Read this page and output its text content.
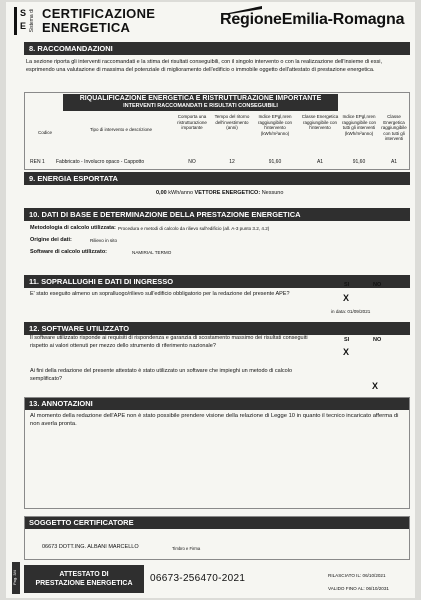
S
E Sistema di CERTIFICAZIONE
ENERGETICA	RegioneEmilia-Romagna
8. RACCOMANDAZIONI
La sezione riporta gli interventi raccomandati e la stima dei risultati conseguibili, con il singolo intervento o con la realizzazione dell'insieme di essi, esprimendo una valutazione di massima del potenziale di miglioramento dell'edificio o immobile oggetto dell'attestato di prestazione energetica.
RIQUALIFICAZIONE ENERGETICA E RISTRUTTURAZIONE IMPORTANTE
INTERVENTI RACCOMANDATI E RISULTATI CONSEGUIBILI
Codice
Tipo di intervento e descrizione
Comporta una ristrutturazione importante
Tempo del ritorno dell'investimento (anni)
Indice EPgl,nren raggiungibile con l'intervento (kWh/m²anno)
Classe Energetica raggiungibile con l'intervento
Indice EPgl,nren raggiungibile con tutti gli interventi (kWh/m²anno)
Classe Energetica raggiungibile con tutti gli interventi
REN 1 Fabbricato - Involucro opaco - Cappotto	NO	12	91,60	A1	91,60	A1
9. ENERGIA ESPORTATA
0,00 kWh/anno VETTORE ENERGETICO: Nessuno
10. DATI DI BASE E DETERMINAZIONE DELLA PRESTAZIONE ENERGETICA
Metodologia di calcolo utilizzata: Procedura e metodi di calcolo da rilievo sull'edificio (all. A-3 punto 3.2, 4.2)
Origine dei dati:	Rilievo in sito
Software di calcolo utilizzato:	NAMIRIAL TERMO
11. SOPRALLUGHI E DATI DI INGRESSO	SI	NO
E' stato eseguito almeno un sopralluogo/rilievo sull'edificio obbligatorio per la redazione del presente APE?	X
in data: 01/09/2021
12. SOFTWARE UTILIZZATO
SI	NO
Il software utilizzato risponde ai requisiti di rispondenza e garanzia di scostamento massimo dei risultati conseguiti rispetto ai valori ottenuti per mezzo dello strumento di riferimento nazionale?
X
Ai fini della redazione del presente attestato è stato utilizzato un software che impieghi un metodo di calcolo semplificato?
X
13. ANNOTAZIONI
Al momento della redazione dell'APE non è stato possibile prendere visione della relazione di Legge 10 in quanto il tecnico incaricato afferma di non averla pronta.
SOGGETTO CERTIFICATORE
06673 DOTT.ING. ALBANI MARCELLO	Timbro e Firma
Pag. 3/4	ATTESTATO DI
PRESTAZIONE ENERGETICA	06673-256470-2021	RILASCIATO IL: 06/10/2021
VALIDO FINO AL: 06/10/2031
